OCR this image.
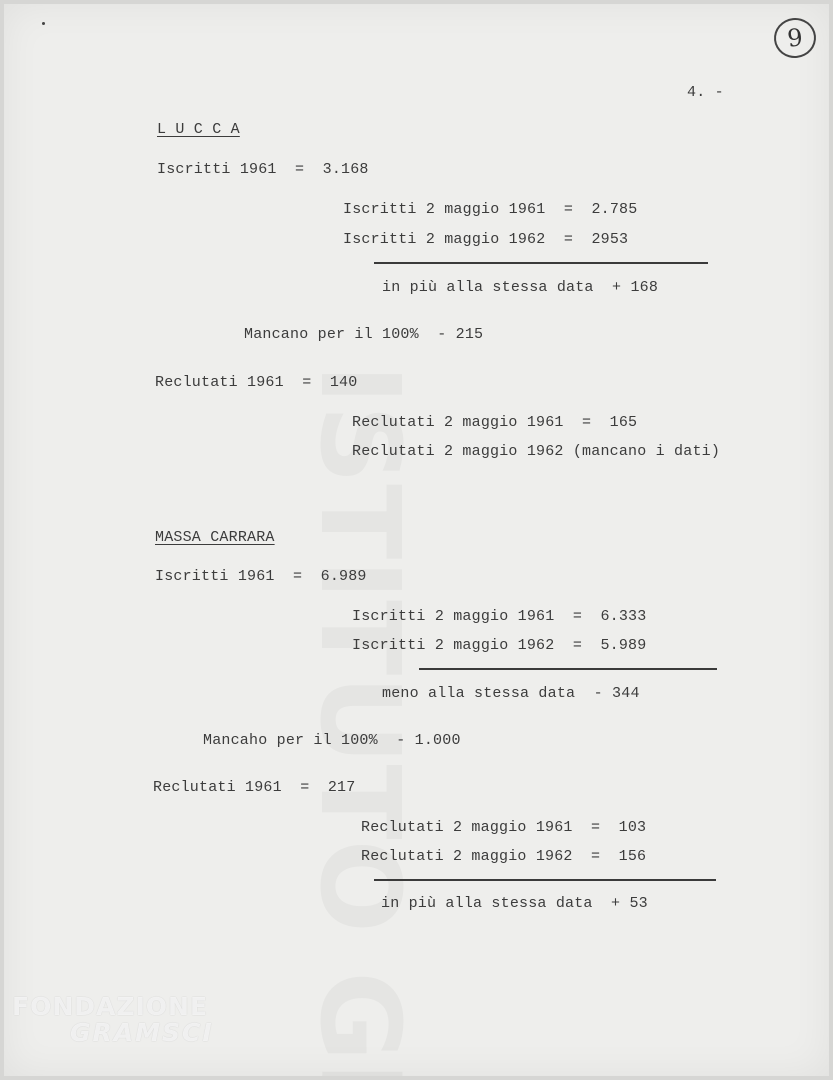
9
4. -
L U C C A
Iscritti 1961  =  3.168
Iscritti 2 maggio 1961  =  2.785
Iscritti 2 maggio 1962  =  2953
in più alla stessa data  + 168
Mancano per il 100%  - 215
Reclutati 1961  =  140
Reclutati 2 maggio 1961  =  165
Reclutati 2 maggio 1962 (mancano i dati)
MASSA CARRARA
Iscritti 1961  =  6.989
Iscritti 2 maggio 1961  =  6.333
Iscritti 2 maggio 1962  =  5.989
meno alla stessa data  - 344
Mancaho per il 100%  - 1.000
Reclutati 1961  =  217
Reclutati 2 maggio 1961  =  103
Reclutati 2 maggio 1962  =  156
in più alla stessa data  + 53
FONDAZIONE
GRAMSCI
